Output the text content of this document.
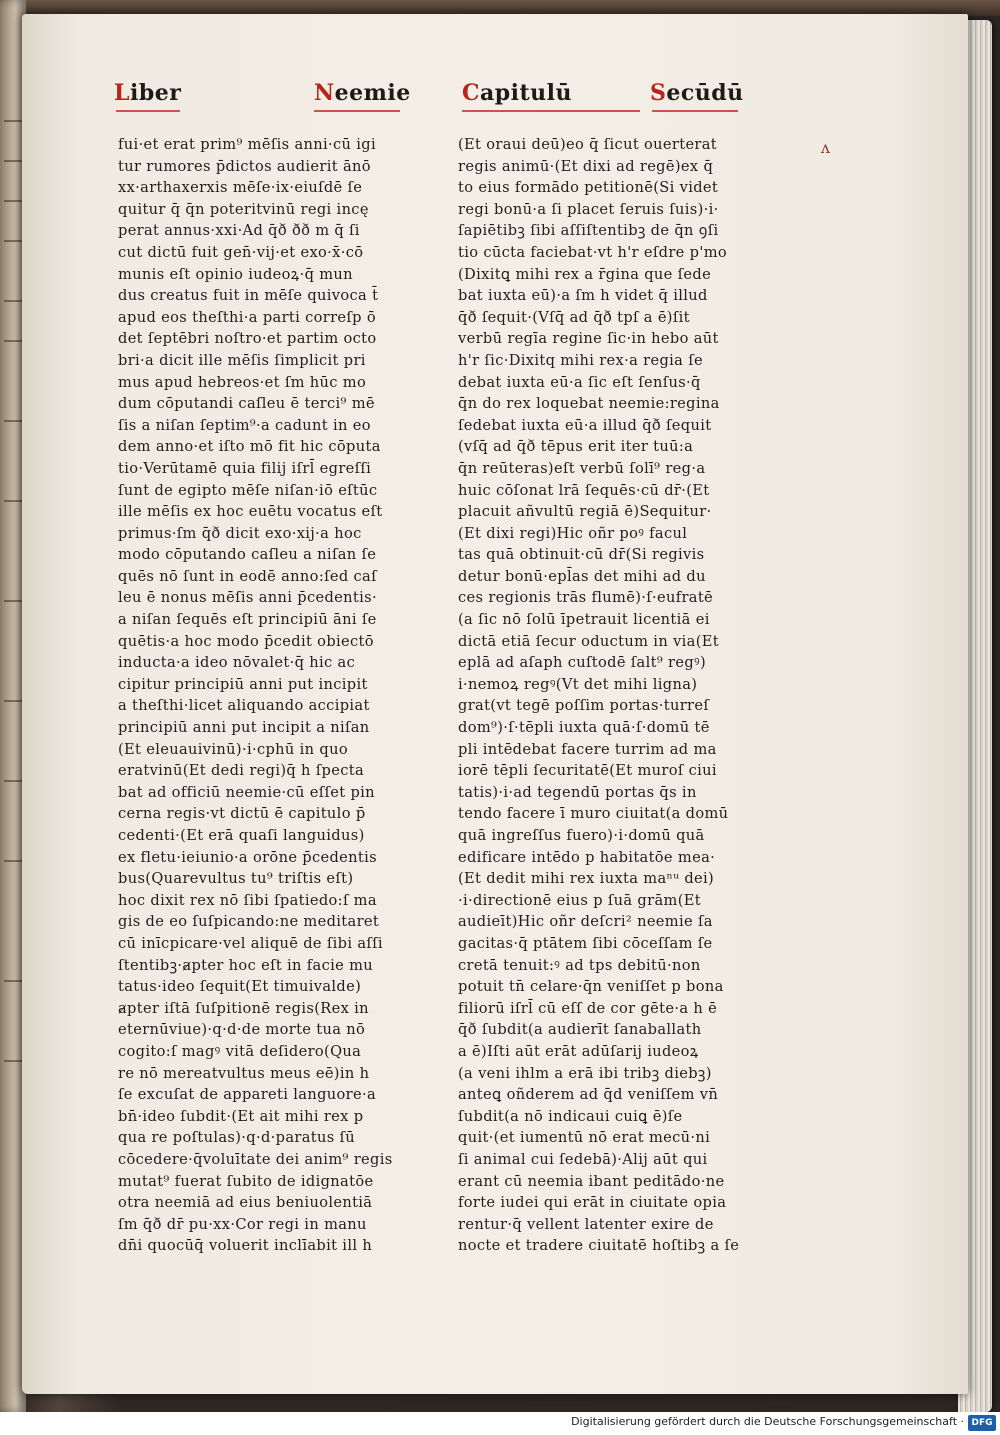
Liber	Neemie Capitulū	Secūdū
fui·et erat prim⁹ mēſis anni·cū igi
tur rumores p̄dictos audierit ānō
xx·arthaxerxis mēſe·ix·eiuſdē ſe
quitur q̄ q̄n poteritvinū regi incę
perat annus·xxi·Ad q̄ð ðð m q̄ ſi
cut dictū fuit gen̄·vij·et exo·x̄·cō
munis eſt opinio iudeoꝝ·q̄ mun
dus creatus fuit in mēſe quivoca t̄
apud eos theſthi·a parti correſp ō
det ſeptēbri noſtro·et partim octo
bri·a dicit ille mēſis ſimplicit pri
mus apud hebreos·et ſm hūc mo
dum cōputandi caſleu ē terci⁹ mē
ſis a niſan ſeptim⁹·a cadunt in eo
dem anno·et iſto mō fit hic cōputa
tio·Verūtamē quia filij iſrl̄ egreſſi
ſunt de egipto mēſe niſan·iō eſtūc
ille mēſis ex hoc euētu vocatus eſt
primus·ſm q̄ð dicit exo·xij·a hoc
modo cōputando caſleu a niſan ſe
quēs nō ſunt in eodē anno:ſed caſ
leu ē nonus mēſis anni p̄cedentis·
a niſan ſequēs eſt principiū āni ſe
quētis·a hoc modo p̄cedit obiectō
inducta·a ideo nōvalet·q̄ hic ac
cipitur principiū anni put incipit
a theſthi·licet aliquando accipiat
principiū anni put incipit a niſan
(Et eleuauivinū)·i·cphū in quo
eratvinū(Et dedi regi)q̄ h ſpecta
bat ad officiū neemie·cū eſſet pin
cerna regis·vt dictū ē capitulo p̄
cedenti·(Et erā quaſi languidus)
ex fletu·ieiunio·a orōne p̄cedentis
bus(Quarevultus tu⁹ triſtis eſt)
hoc dixit rex nō ſibi ſpatiedo:ſ ma
gis de eo ſuſpicando:ne meditaret
cū inīcpicare·vel aliquē de ſibi aſſi
ſtentibꝫ·a̷pter hoc eſt in facie mu
tatus·ideo ſequit(Et timuivalde)
a̷pter iſtā ſuſpitionē regis(Rex in
eternūviue)·q·d·de morte tua nō
cogito:ſ magꝰ vitā deſidero(Qua
re nō mereatvultus meus eē)in h
ſe excuſat de appareti languore·a
bn̄·ideo ſubdit·(Et ait mihi rex p
qua re poſtulas)·q·d·paratus ſū
cōcedere·q̄voluītate dei anim⁹ regis
mutat⁹ fuerat ſubito de idignatōe
otra neemiā ad eius beniuolentiā
ſm q̄ð dr̄ pu·xx·Cor regi in manu
dn̄i quocūq̄ voluerit inclīabit ill h
(Et oraui deū)eo q̄ ſicut ouerterat
regis animū·(Et dixi ad regē)ex q̄
to eius formādo petitionē(Si videt
regi bonū·a ſi placet ſeruis ſuis)·i·
ſapiētibꝫ ſibi aſſiſtentibꝫ de q̄n ꝯſi
tio cūcta faciebat·vt h'r eſdre p'mo
(Dixitꝗ mihi rex a r̄gina que ſede
bat iuxta eū)·a ſm h videt q̄ illud
q̄ð ſequit·(Vſq̄ ad q̄ð tpſ a ē)ſit
verbū regīa regine ſic·in hebo aūt
h'r ſic·Dixitq mihi rex·a regia ſe
debat iuxta eū·a ſic eſt ſenſus·q̄
q̄n do rex loquebat neemie:regina
ſedebat iuxta eū·a illud q̄ð ſequit
(vſq̄ ad q̄ð tēpus erit iter tuū:a
q̄n reūteras)eſt verbū ſolī⁹ reg·a
huic cōſonat lrā ſequēs·cū dr̄·(Et
placuit añvultū regiā ē)Sequitur·
(Et dixi regi)Hic oñr poꝰ facul
tas quā obtinuit·cū dr̄(Si regivis
detur bonū·epl̄as det mihi ad du
ces regionis trās flumē)·ſ·eufratē
(a ſic nō ſolū īpetrauit licentiā ei
dictā etiā ſecur oductum in via(Et
eplā ad aſaph cuſtodē ſalt⁹ regꝰ)
i·nemoꝝ regꝰ(Vt det mihi ligna)
grat(vt tegē poſſim portas·turreſ
dom⁹)·ſ·tēpli iuxta quā·ſ·domū tē
pli intēdebat facere turrim ad ma
iorē tēpli ſecuritatē(Et muroſ ciui
tatis)·i·ad tegendū portas q̄s in
tendo facere ī muro ciuitat(a domū
quā ingreſſus fuero)·i·domū quā
edificare intēdo p habitatōe mea·
(Et dedit mihi rex iuxta maⁿᵘ dei)
·i·directionē eius p ſuā grām(Et
audieīt)Hic oñr deſcri² neemie ſa
gacitas·q̄ ptātem ſibi cōceſſam ſe
cretā tenuit:ꝰ ad tps debitū·non
potuit tn̄ celare·q̄n veniſſet p bona
filiorū iſrl̄ cū eſſ de cor gēte·a h ē
q̄ð ſubdit(a audierīt ſanaballath
a ē)Iſti aūt erāt adūſarij iudeoꝝ
(a veni ihlm a erā ibi tribꝫ diebꝫ)
anteꝗ oñderem ad q̄d veniſſem vn̄
ſubdit(a nō indicaui cuiꝗ ē)ſe
quit·(et iumentū nō erat mecū·ni
ſi animal cui ſedebā)·Alij aūt qui
erant cū neemia ibant peditādo·ne
forte iudei qui erāt in ciuitate opia
rentur·q̄ vellent latenter exire de
nocte et tradere ciuitatē hoſtibꝫ a ſe
ʌ
Digitalisierung gefördert durch die Deutsche Forschungsgemeinschaft · DFG
